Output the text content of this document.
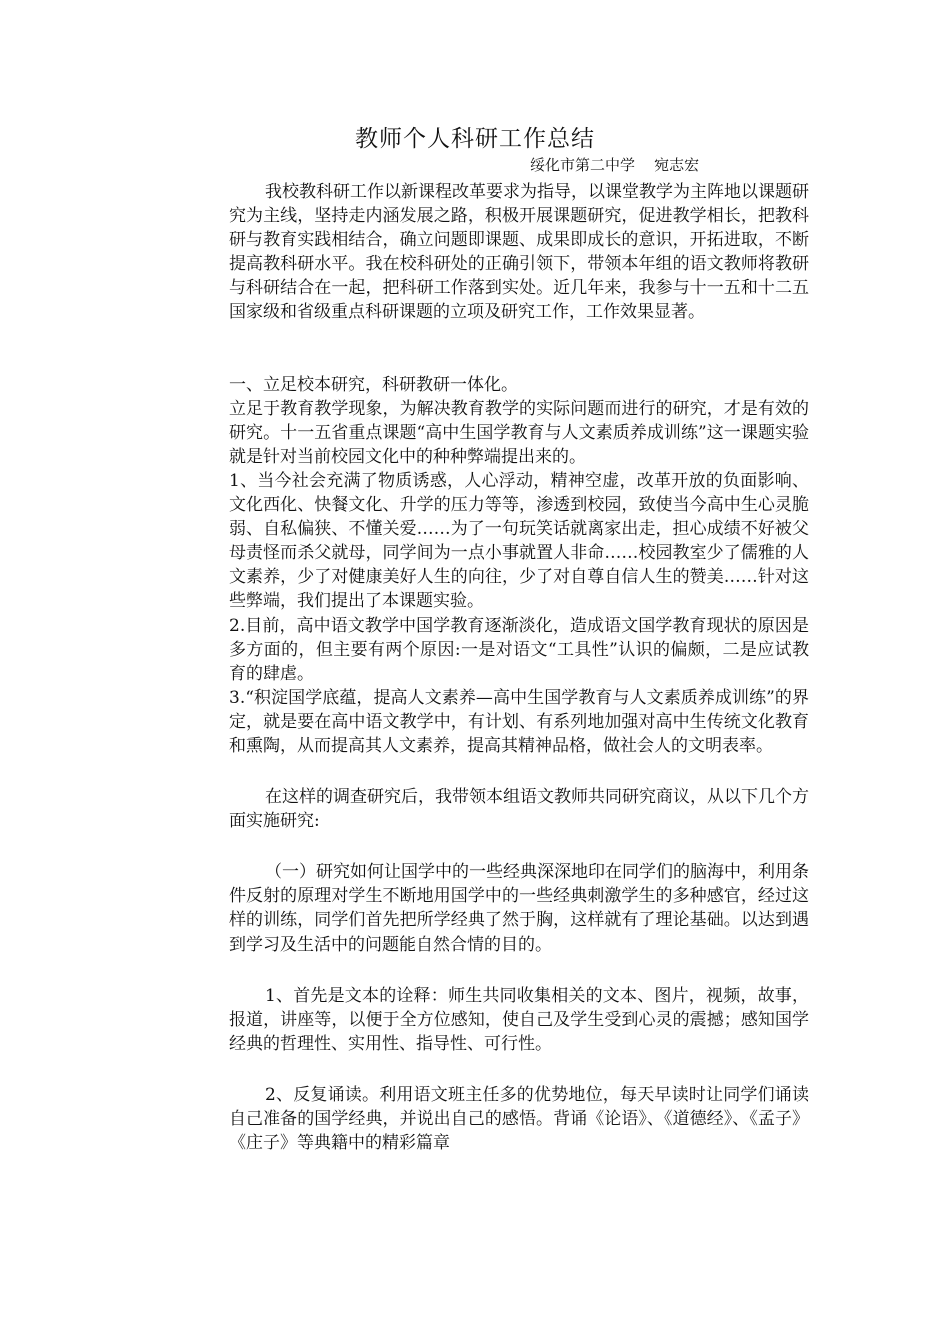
教师个人科研工作总结
绥化市第二中学    宛志宏

我校教科研工作以新课程改革要求为指导，以课堂教学为主阵地以课题研究为主线，坚持走内涵发展之路，积极开展课题研究，促进教学相长，把教科研与教育实践相结合，确立问题即课题、成果即成长的意识，开拓进取，不断提高教科研水平。我在校科研处的正确引领下，带领本年组的语文教师将教研与科研结合在一起，把科研工作落到实处。近几年来，我参与十一五和十二五国家级和省级重点科研课题的立项及研究工作，工作效果显著。

一、立足校本研究，科研教研一体化。

立足于教育教学现象，为解决教育教学的实际问题而进行的研究，才是有效的研究。十一五省重点课题“高中生国学教育与人文素质养成训练”这一课题实验就是针对当前校园文化中的种种弊端提出来的。

1、当今社会充满了物质诱惑，人心浮动，精神空虚，改革开放的负面影响、文化西化、快餐文化、升学的压力等等，渗透到校园，致使当今高中生心灵脆弱、自私偏狭、不懂关爱……为了一句玩笑话就离家出走，担心成绩不好被父母责怪而杀父就母，同学间为一点小事就置人非命……校园教室少了儒雅的人文素养，少了对健康美好人生的向往，少了对自尊自信人生的赞美……针对这些弊端，我们提出了本课题实验。

2.目前，高中语文教学中国学教育逐渐淡化，造成语文国学教育现状的原因是多方面的，但主要有两个原因:一是对语文“工具性”认识的偏颇，二是应试教育的肆虐。

3.“积淀国学底蕴，提高人文素养—高中生国学教育与人文素质养成训练”的界定，就是要在高中语文教学中，有计划、有系列地加强对高中生传统文化教育和熏陶，从而提高其人文素养，提高其精神品格，做社会人的文明表率。

在这样的调查研究后，我带领本组语文教师共同研究商议，从以下几个方面实施研究:

（一）研究如何让国学中的一些经典深深地印在同学们的脑海中，利用条件反射的原理对学生不断地用国学中的一些经典刺激学生的多种感官，经过这样的训练，同学们首先把所学经典了然于胸，这样就有了理论基础。以达到遇到学习及生活中的问题能自然合情的目的。

1、首先是文本的诠释：师生共同收集相关的文本、图片，视频，故事，报道，讲座等，以便于全方位感知，使自己及学生受到心灵的震撼；感知国学经典的哲理性、实用性、指导性、可行性。

2、反复诵读。利用语文班主任多的优势地位，每天早读时让同学们诵读自己准备的国学经典，并说出自己的感悟。背诵《论语》、《道德经》、《孟子》《庄子》等典籍中的精彩篇章
